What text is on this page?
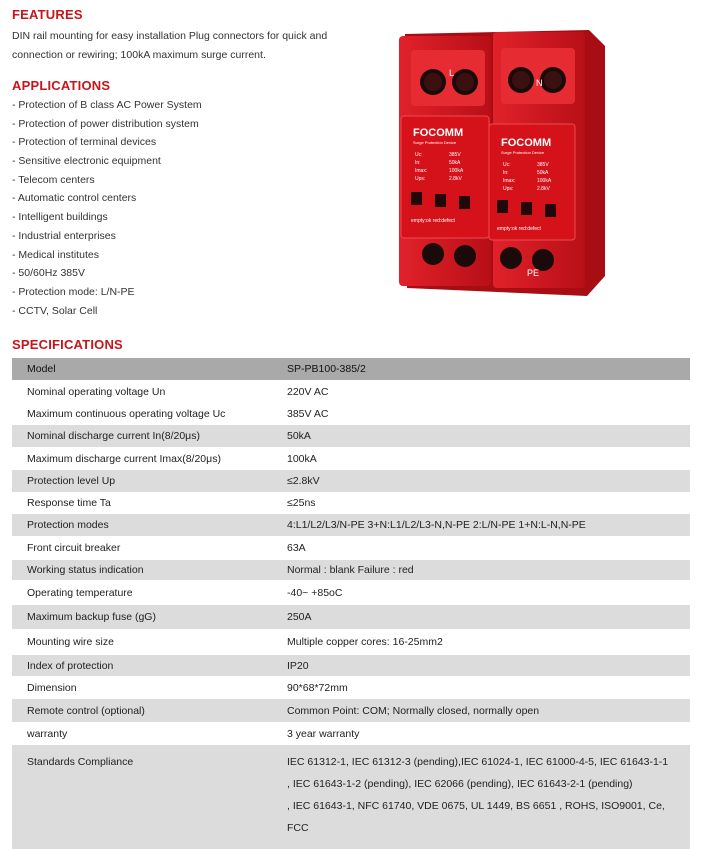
FEATURES
DIN rail mounting for easy installation Plug connectors for quick and
connection or rewiring; 100kA maximum surge current.
APPLICATIONS
- Protection of B class AC Power System
- Protection of power distribution system
- Protection of terminal devices
- Sensitive electronic equipment
- Telecom centers
- Automatic control centers
- Intelligent buildings
- Industrial enterprises
- Medical institutes
- 50/60Hz 385V
- Protection mode: L/N-PE
- CCTV, Solar Cell
L
N
FOCOMM
FOCOMM
Surge Protection Device
Surge Protection Device
Uc:	385V
In:	50kA
Imax:	100kA
Ups:	2.8kV
Uc:	385V
In:	50kA
Imax:	100kA
Ups:	2.8kV
empty:ok red:defect
empty:ok red:defect
PE
SPECIFICATIONS
Model	SP-PB100-385/2
Nominal operating voltage Un	220V AC
Maximum continuous operating voltage Uc	385V AC
Nominal discharge current In(8/20μs)	50kA
Maximum discharge current Imax(8/20μs)	100kA
Protection level Up	≤2.8kV
Response time Ta	≤25ns
Protection modes	4:L1/L2/L3/N-PE 3+N:L1/L2/L3-N,N-PE 2:L/N-PE 1+N:L-N,N-PE
Front circuit breaker	63A
Working status indication	Normal : blank Failure : red
Operating temperature	-40~ +85oC
Maximum backup fuse (gG)	250A
Mounting wire size	Multiple copper cores: 16-25mm2
Index of protection	IP20
Dimension	90*68*72mm
Remote control (optional)	Common Point: COM; Normally closed, normally open
warranty	3 year warranty
Standards Compliance	IEC 61312-1, IEC 61312-3 (pending),IEC 61024-1, IEC 61000-4-5, IEC 61643-1-1
, IEC 61643-1-2 (pending), IEC 62066 (pending), IEC 61643-2-1 (pending)
, IEC 61643-1, NFC 61740, VDE 0675, UL 1449, BS 6651 , ROHS, ISO9001, Ce,
FCC
